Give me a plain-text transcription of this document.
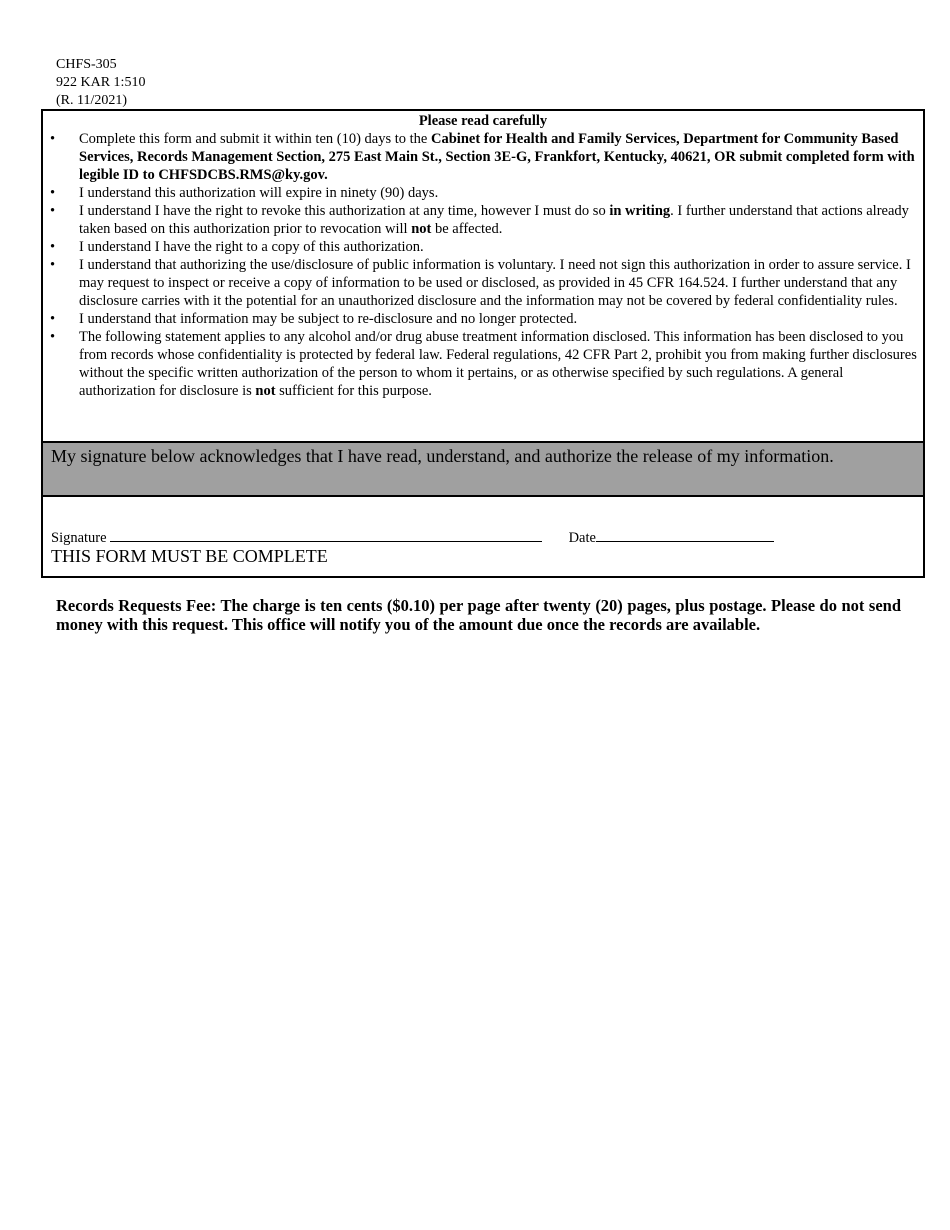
CHFS-305
922 KAR 1:510
(R. 11/2021)
Please read carefully
• Complete this form and submit it within ten (10) days to the Cabinet for Health and Family Services, Department for Community Based Services, Records Management Section, 275 East Main St., Section 3E-G, Frankfort, Kentucky, 40621, OR submit completed form with legible ID to CHFSDCBS.RMS@ky.gov.
• I understand this authorization will expire in ninety (90) days.
• I understand I have the right to revoke this authorization at any time, however I must do so in writing. I further understand that actions already taken based on this authorization prior to revocation will not be affected.
• I understand I have the right to a copy of this authorization.
• I understand that authorizing the use/disclosure of public information is voluntary. I need not sign this authorization in order to assure service. I may request to inspect or receive a copy of information to be used or disclosed, as provided in 45 CFR 164.524. I further understand that any disclosure carries with it the potential for an unauthorized disclosure and the information may not be covered by federal confidentiality rules.
• I understand that information may be subject to re-disclosure and no longer protected.
• The following statement applies to any alcohol and/or drug abuse treatment information disclosed. This information has been disclosed to you from records whose confidentiality is protected by federal law. Federal regulations, 42 CFR Part 2, prohibit you from making further disclosures without the specific written authorization of the person to whom it pertains, or as otherwise specified by such regulations. A general authorization for disclosure is not sufficient for this purpose.
My signature below acknowledges that I have read, understand, and authorize the release of my information.
Signature	Date
THIS FORM MUST BE COMPLETE
Records Requests Fee: The charge is ten cents ($0.10) per page after twenty (20) pages, plus postage. Please do not send money with this request. This office will notify you of the amount due once the records are available.
